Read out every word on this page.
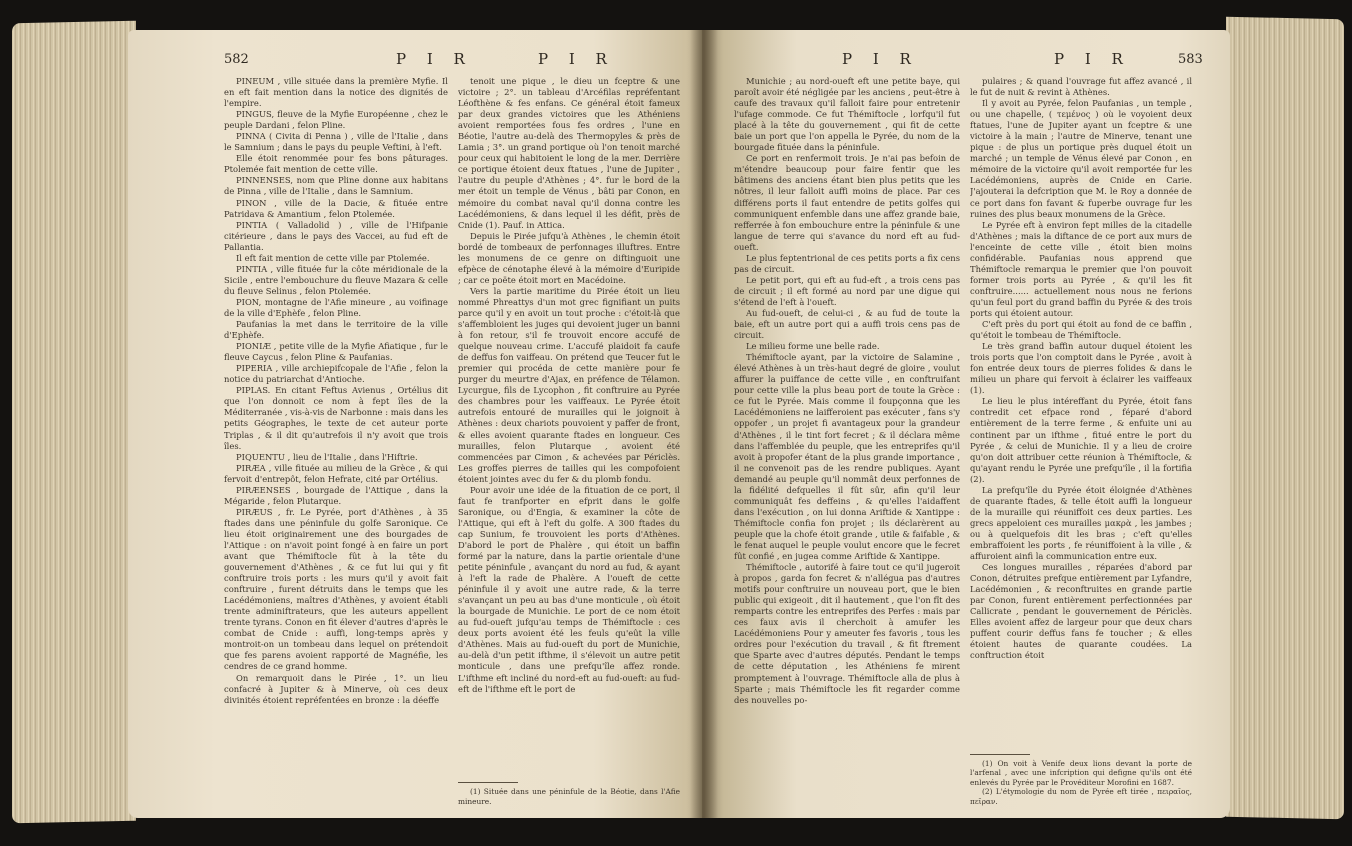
582	P I R	P I R

PINEUM , ville située dans la première Myfie. Il en eft fait mention dans la notice des dignités de l'empire.

PINGUS, fleuve de la Myfie Européenne , chez le peuple Dardani , felon Pline.

PINNA ( Civita di Penna ) , ville de l'Italie , dans le Samnium ; dans le pays du peuple Veftini, à l'eft.

Elle étoit renommée pour fes bons pâturages. Ptolemée fait mention de cette ville.

PINNENSES, nom que Pline donne aux habitans de Pinna , ville de l'Italie , dans le Samnium.

PINON , ville de la Dacie, & fituée entre Patridava & Amantium , felon Ptolemée.

PINTIA ( Valladolid ) , ville de l'Hifpanie citérieure , dans le pays des Vaccei, au fud eft de Pallantia.

Il eft fait mention de cette ville par Ptolemée.

PINTIA , ville fituée fur la côte méridionale de la Sicile , entre l'embouchure du fleuve Mazara & celle du fleuve Selinus , felon Ptolemée.

PION, montagne de l'Afie mineure , au voifinage de la ville d'Ephèfe , felon Pline.

Paufanias la met dans le territoire de la ville d'Ephèfe.

PIONIÆ , petite ville de la Myfie Afiatique , fur le fleuve Caycus , felon Pline & Paufanias.

PIPERIA , ville archiepifcopale de l'Afie , felon la notice du patriarchat d'Antioche.

PIPLAS. En citant Feftus Avienus , Ortélius dit que l'on donnoit ce nom à fept îles de la Méditerranée , vis-à-vis de Narbonne : mais dans les petits Géographes, le texte de cet auteur porte Triplas , & il dit qu'autrefois il n'y avoit que trois îles.

PIQUENTU , lieu de l'Italie , dans l'Hiftrie.

PIRÆA , ville fituée au milieu de la Grèce , & qui fervoit d'entrepôt, felon Hefrate, cité par Ortélius.

PIRÆENSES , bourgade de l'Attique , dans la Mégaride , felon Plutarque.

PIRÆUS , fr. Le Pyrée, port d'Athènes , à 35 ftades dans une péninfule du golfe Saronique. Ce lieu étoit originairement une des bourgades de l'Attique : on n'avoit point fongé à en faire un port avant que Thémiftocle fût à la tête du gouvernement d'Athènes , & ce fut lui qui y fit conftruire trois ports : les murs qu'il y avoit fait conftruire , furent détruits dans le temps que les Lacédémoniens, maîtres d'Athènes, y avoient établi trente adminiftrateurs, que les auteurs appellent trente tyrans. Conon en fit élever d'autres d'après le combat de Cnide : auffi, long-temps après y montroit-on un tombeau dans lequel on prétendoit que fes parens avoient rapporté de Magnéfie, les cendres de ce grand homme.

On remarquoit dans le Pirée , 1°. un lieu confacré à Jupiter & à Minerve, où ces deux divinités étoient repréfentées en bronze : la déeffe

tenoit une pique , le dieu un fceptre & une victoire ; 2°. un tableau d'Arcéfilas repréfentant Léofthène & fes enfans. Ce général étoit fameux par deux grandes victoires que les Athéniens avoient remportées fous fes ordres , l'une en Béotie, l'autre au-delà des Thermopyles & près de Lamia ; 3°. un grand portique où l'on tenoit marché pour ceux qui habitoient le long de la mer. Derrière ce portique étoient deux ftatues , l'une de Jupiter , l'autre du peuple d'Athènes ; 4°. fur le bord de la mer étoit un temple de Vénus , bâti par Conon, en mémoire du combat naval qu'il donna contre les Lacédémoniens, & dans lequel il les défit, près de Cnide (1). Pauf. in Attica.

Depuis le Pirée jufqu'à Athènes , le chemin étoit bordé de tombeaux de perfonnages illuftres. Entre les monumens de ce genre on diftinguoit une efpèce de cénotaphe élevé à la mémoire d'Euripide ; car ce poëte étoit mort en Macédoine.

Vers la partie maritime du Pirée étoit un lieu nommé Phreattys d'un mot grec fignifiant un puits parce qu'il y en avoit un tout proche : c'étoit-là que s'affembloient les juges qui devoient juger un banni à fon retour, s'il fe trouvoit encore accufé de quelque nouveau crime. L'accufé plaidoit fa caufe de deffus fon vaiffeau. On prétend que Teucer fut le premier qui procéda de cette manière pour fe purger du meurtre d'Ajax, en préfence de Télamon. Lycurgue, fils de Lycophon , fit conftruire au Pyrée des chambres pour les vaiffeaux. Le Pyrée étoit autrefois entouré de murailles qui le joignoit à Athènes : deux chariots pouvoient y paffer de front, & elles avoient quarante ftades en longueur. Ces murailles, felon Plutarque , avoient été commencées par Cimon , & achevées par Périclès. Les groffes pierres de tailles qui les compofoient étoient jointes avec du fer & du plomb fondu.

Pour avoir une idée de la fituation de ce port, il faut fe tranfporter en efprit dans le golfe Saronique, ou d'Engia, & examiner la côte de l'Attique, qui eft à l'eft du golfe. A 300 ftades du cap Sunium, fe trouvoient les ports d'Athènes. D'abord le port de Phalère , qui étoit un baffin formé par la nature, dans la partie orientale d'une petite péninfule , avançant du nord au fud, & ayant à l'eft la rade de Phalère. A l'oueft de cette péninfule il y avoit une autre rade, & la terre s'avançant un peu au bas d'une monticule , où étoit la bourgade de Munichie. Le port de ce nom étoit au fud-oueft jufqu'au temps de Thémiftocle : ces deux ports avoient été les feuls qu'eût la ville d'Athènes. Mais au fud-oueft du port de Munichie, au-delà d'un petit ifthme, il s'élevoit un autre petit monticule , dans une prefqu'île affez ronde. L'ifthme eft incliné du nord-eft au fud-oueft: au fud-eft de l'ifthme eft le port de

(1) Située dans une péninfule de la Béotie, dans l'Afie mineure.

P I R	P I R	583

Munichie ; au nord-oueft eft une petite baye, qui paroît avoir été négligée par les anciens , peut-être à caufe des travaux qu'il falloit faire pour entretenir l'ufage commode. Ce fut Thémiftocle , lorfqu'il fut placé à la tête du gouvernement , qui fit de cette baie un port que l'on appella le Pyrée, du nom de la bourgade fituée dans la péninfule.

Ce port en renfermoit trois. Je n'ai pas befoin de m'étendre beaucoup pour faire fentir que les bâtimens des anciens étant bien plus petits que les nôtres, il leur falloit auffi moins de place. Par ces différens ports il faut entendre de petits golfes qui communiquent enfemble dans une affez grande baie, refferrée à fon embouchure entre la péninfule & une langue de terre qui s'avance du nord eft au fud-oueft.

Le plus feptentrional de ces petits ports a fix cens pas de circuit.

Le petit port, qui eft au fud-eft , a trois cens pas de circuit ; il eft formé au nord par une digue qui s'étend de l'eft à l'oueft.

Au fud-oueft, de celui-ci , & au fud de toute la baie, eft un autre port qui a auffi trois cens pas de circuit.

Le milieu forme une belle rade.

Thémiftocle ayant, par la victoire de Salamine , élevé Athènes à un très-haut degré de gloire , voulut affurer la puiffance de cette ville , en conftruifant pour cette ville la plus beau port de toute la Grèce : ce fut le Pyrée. Mais comme il foupçonna que les Lacédémoniens ne laifferoient pas exécuter , fans s'y oppofer , un projet fi avantageux pour la grandeur d'Athènes , il le tint fort fecret ; & il déclara même dans l'affemblée du peuple, que les entreprifes qu'il avoit à propofer étant de la plus grande importance , il ne convenoit pas de les rendre publiques. Ayant demandé au peuple qu'il nommât deux perfonnes de la fidélité defquelles il fût sûr, afin qu'il leur communiquât fes deffeins , & qu'elles l'aidaffent dans l'exécution , on lui donna Ariftide & Xantippe : Thémiftocle confia fon projet ; ils déclarèrent au peuple que la chofe étoit grande , utile & faifable , & le fenat auquel le peuple voulut encore que le fecret fût confié , en jugea comme Ariftide & Xantippe.

Thémiftocle , autorifé à faire tout ce qu'il jugeroit à propos , garda fon fecret & n'allégua pas d'autres motifs pour conftruire un nouveau port, que le bien public qui exigeoit , dit il hautement , que l'on fît des remparts contre les entreprifes des Perfes : mais par ces faux avis il cherchoit à amufer les Lacédémoniens Pour y ameuter fes favoris , tous les ordres pour l'exécution du travail , & fit ftrement que Sparte avec d'autres députés. Pendant le temps de cette députation , les Athéniens fe mirent promptement à l'ouvrage. Thémiftocle alla de plus à Sparte ; mais Thémiftocle les fit regarder comme des nouvelles po-

pulaires ; & quand l'ouvrage fut affez avancé , il le fut de nuit & revint à Athènes.

Il y avoit au Pyrée, felon Paufanias , un temple , ou une chapelle, ( τεμένος ) où le voyoient deux ftatues, l'une de Jupiter ayant un fceptre & une victoire à la main ; l'autre de Minerve, tenant une pique : de plus un portique près duquel étoit un marché ; un temple de Vénus élevé par Conon , en mémoire de la victoire qu'il avoit remportée fur les Lacédémoniens, auprès de Cnide en Carie. J'ajouterai la defcription que M. le Roy a donnée de ce port dans fon favant & fuperbe ouvrage fur les ruines des plus beaux monumens de la Grèce.

Le Pyrée eft à environ fept milles de la citadelle d'Athènes ; mais la diftance de ce port aux murs de l'enceinte de cette ville , étoit bien moins confidérable. Paufanias nous apprend que Thémiftocle remarqua le premier que l'on pouvoit former trois ports au Pyrée , & qu'il les fit conftruire...... actuellement nous nous ne ferions qu'un feul port du grand baffin du Pyrée & des trois ports qui étoient autour.

C'eft près du port qui étoit au fond de ce baffin , qu'étoit le tombeau de Thémiftocle.

Le très grand baffin autour duquel étoient les trois ports que l'on comptoit dans le Pyrée , avoit à fon entrée deux tours de pierres folides & dans le milieu un phare qui fervoit à éclairer les vaiffeaux (1).

Le lieu le plus intéreffant du Pyrée, étoit fans contredit cet efpace rond , féparé d'abord entièrement de la terre ferme , & enfuite uni au continent par un ifthme , fitué entre le port du Pyrée , & celui de Munichie. Il y a lieu de croire qu'on doit attribuer cette réunion à Thémiftocle, & qu'ayant rendu le Pyrée une prefqu'île , il la fortifia (2).

La prefqu'île du Pyrée étoit éloignée d'Athènes de quarante ftades, & telle étoit auffi la longueur de la muraille qui réuniffoit ces deux parties. Les grecs appeloient ces murailles μακρὰ , les jambes ; ou à quelquefois dit les bras ; c'eft qu'elles embraffoient les ports , fe réuniffoient à la ville , & affuroient ainfi la communication entre eux.

Ces longues murailles , réparées d'abord par Conon, détruites prefque entièrement par Lyfandre, Lacédémonien , & reconftruites en grande partie par Conon, furent entièrement perfectionnées par Callicrate , pendant le gouvernement de Périclès. Elles avoient affez de largeur pour que deux chars puffent courir deffus fans fe toucher ; & elles étoient hautes de quarante coudées. La conftruction étoit

(1) On voit à Venife deux lions devant la porte de l'arfenal , avec une infcription qui defigne qu'ils ont été enlevés du Pyrée par le Provéditeur Morofini en 1687.

(2) L'étymologie du nom de Pyrée eft tirée , πειραῖος, πεῖραν.
